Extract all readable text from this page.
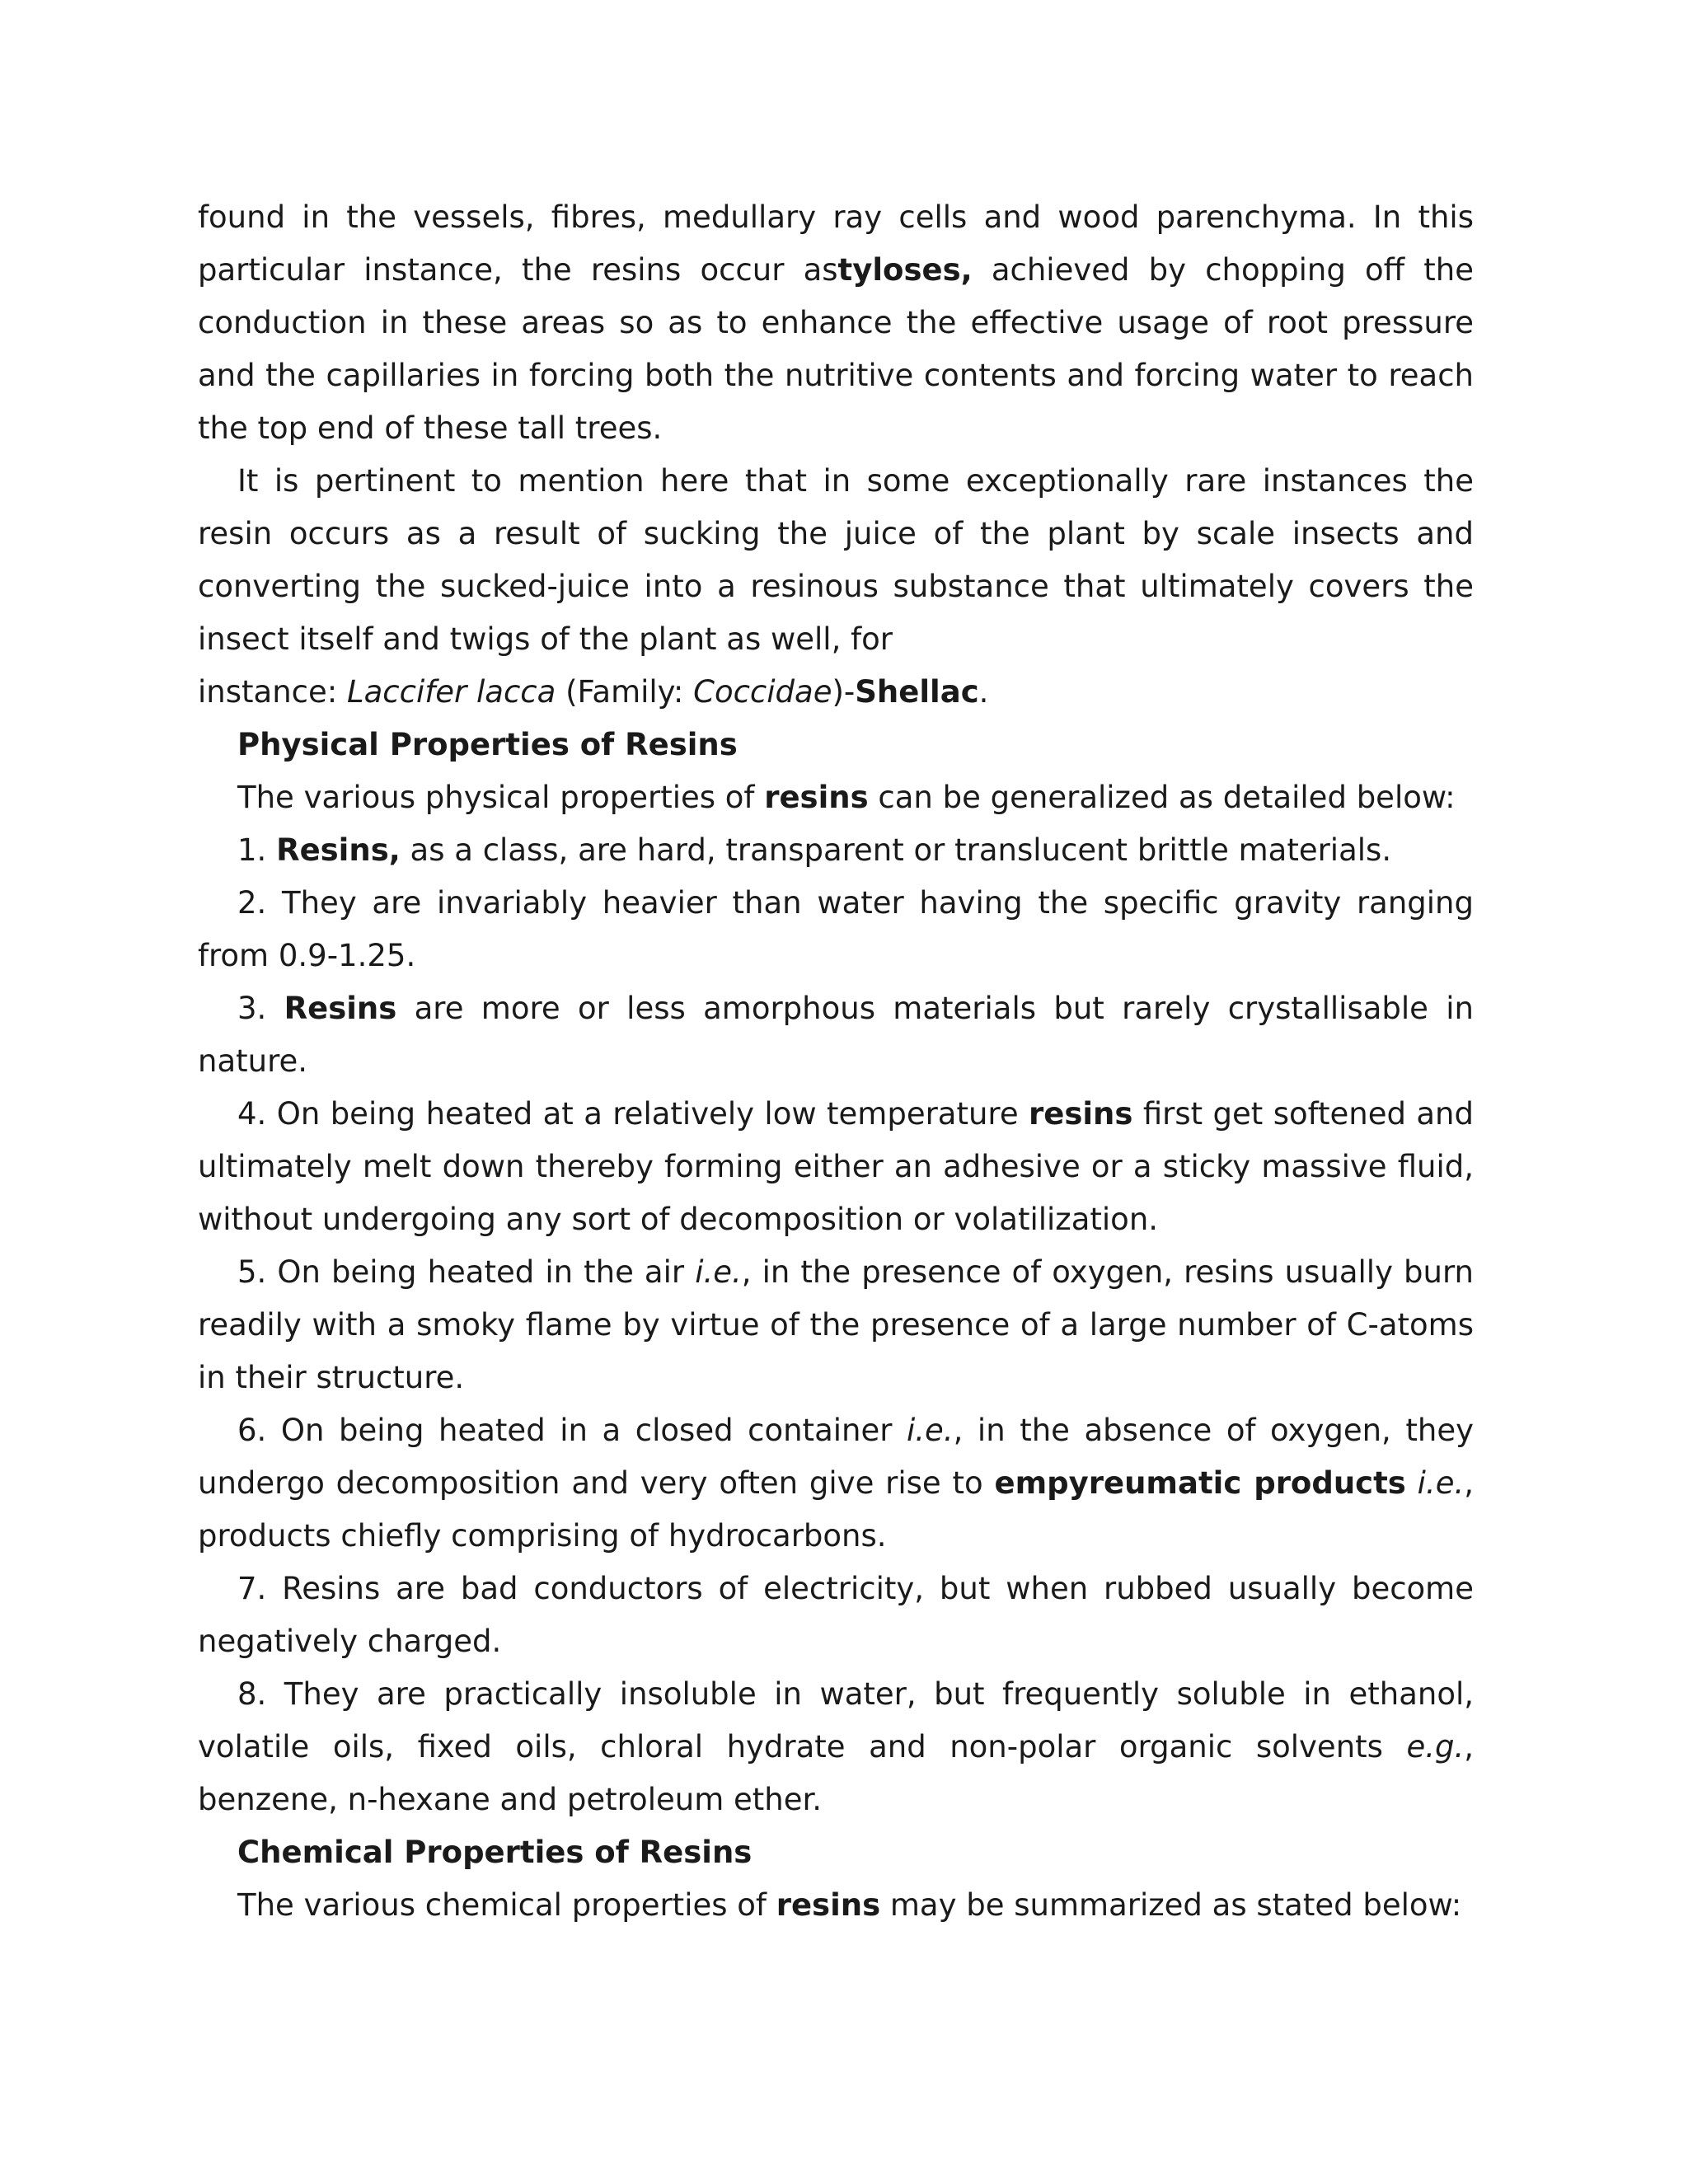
found in the vessels, fibres, medullary ray cells and wood parenchyma. In this particular instance, the resins occur astyloses, achieved by chopping off the conduction in these areas so as to enhance the effective usage of root pressure and the capillaries in forcing both the nutritive contents and forcing water to reach the top end of these tall trees.

It is pertinent to mention here that in some exceptionally rare instances the resin occurs as a result of sucking the juice of the plant by scale insects and converting the sucked-juice into a resinous substance that ultimately covers the insect itself and twigs of the plant as well, for
instance: Laccifer lacca (Family: Coccidae)-Shellac.

Physical Properties of Resins

The various physical properties of resins can be generalized as detailed below:

1. Resins, as a class, are hard, transparent or translucent brittle materials.

2. They are invariably heavier than water having the specific gravity ranging from 0.9-1.25.

3. Resins are more or less amorphous materials but rarely crystallisable in nature.

4. On being heated at a relatively low temperature resins first get softened and ultimately melt down thereby forming either an adhesive or a sticky massive fluid, without undergoing any sort of decomposition or volatilization.

5. On being heated in the air i.e., in the presence of oxygen, resins usually burn readily with a smoky flame by virtue of the presence of a large number of C-atoms in their structure.

6. On being heated in a closed container i.e., in the absence of oxygen, they undergo decomposition and very often give rise to empyreumatic products i.e., products chiefly comprising of hydrocarbons.

7. Resins are bad conductors of electricity, but when rubbed usually become negatively charged.

8. They are practically insoluble in water, but frequently soluble in ethanol, volatile oils, fixed oils, chloral hydrate and non-polar organic solvents e.g., benzene, n-hexane and petroleum ether.

Chemical Properties of Resins

The various chemical properties of resins may be summarized as stated below:
